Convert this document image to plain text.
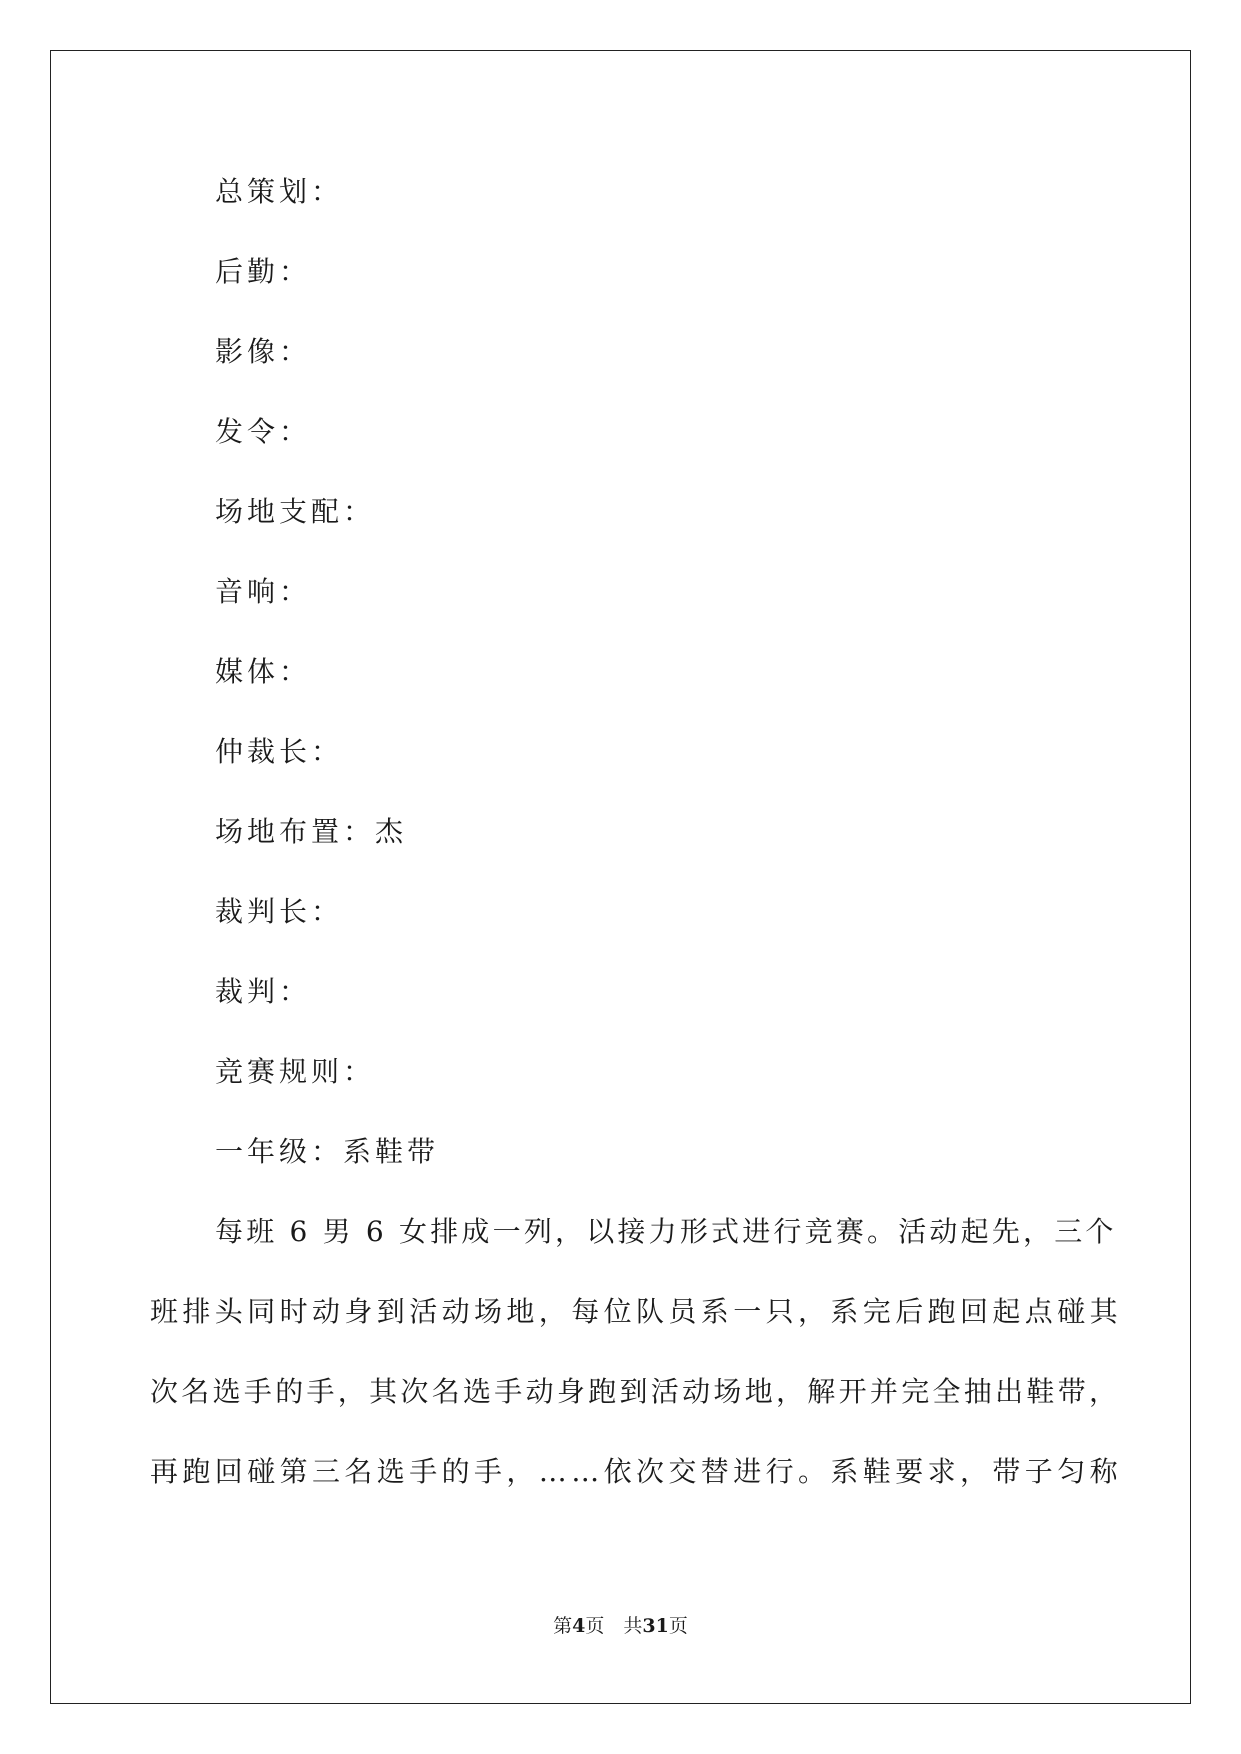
总策划：
后勤：
影像：
发令：
场地支配：
音响：
媒体：
仲裁长：
场地布置：杰
裁判长：
裁判：
竞赛规则：
一年级：系鞋带
每班 6 男 6 女排成一列，以接力形式进行竞赛。活动起先，三个
班排头同时动身到活动场地，每位队员系一只，系完后跑回起点碰其
次名选手的手，其次名选手动身跑到活动场地，解开并完全抽出鞋带，
再跑回碰第三名选手的手，……依次交替进行。系鞋要求，带子匀称
第4页　共31页
